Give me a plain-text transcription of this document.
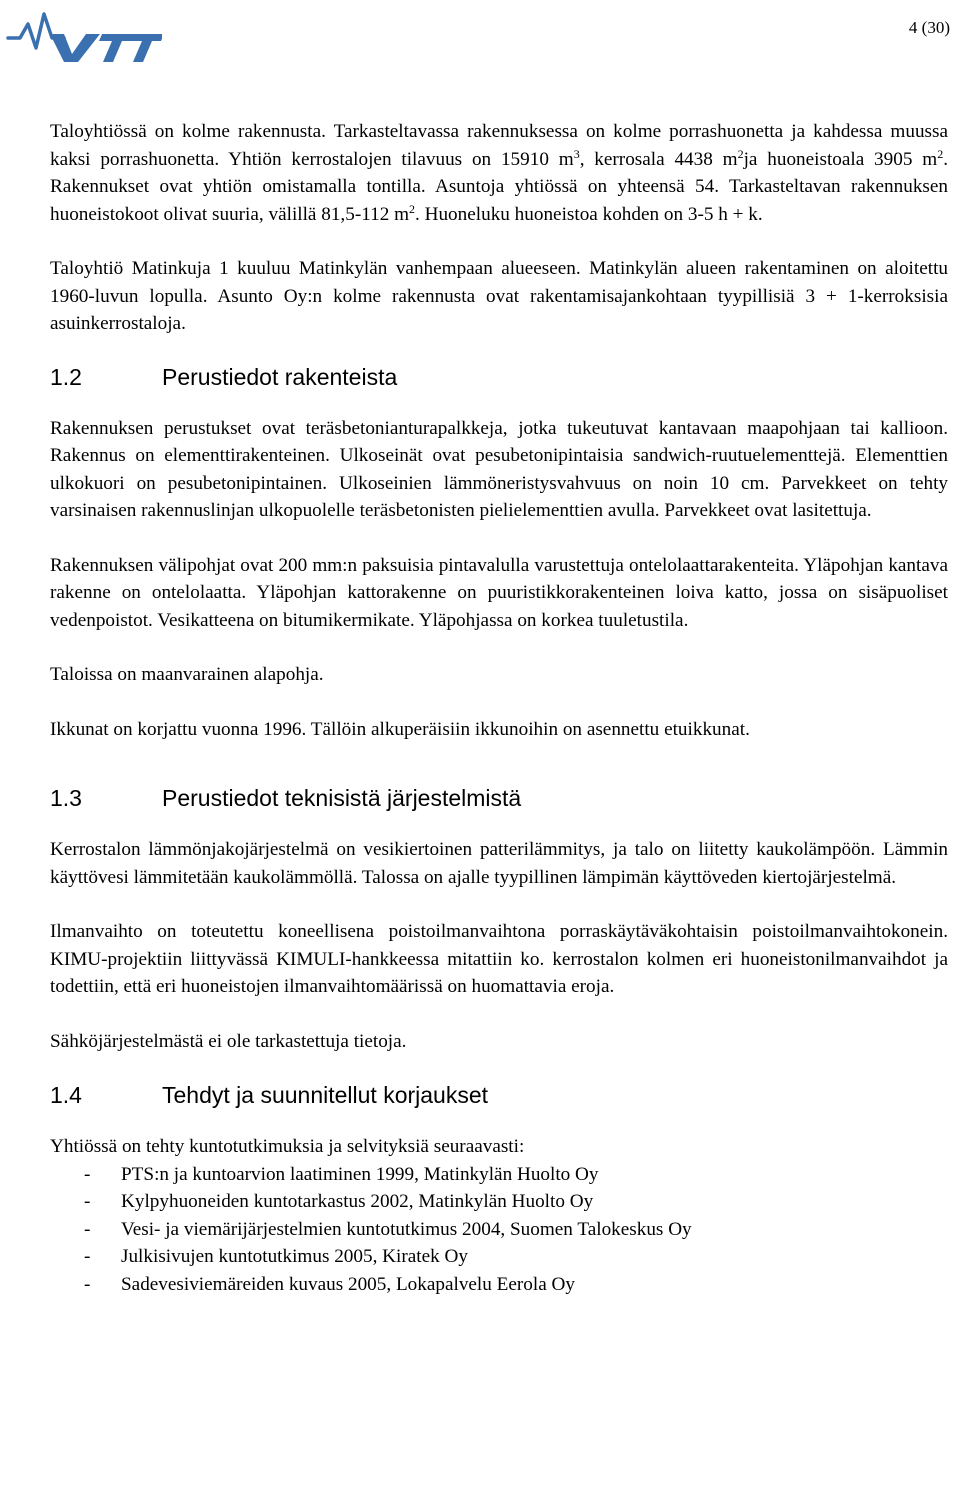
VTT
4 (30)

Taloyhtiössä on kolme rakennusta. Tarkasteltavassa rakennuksessa on kolme porrashuonetta ja kahdessa muussa kaksi porrashuonetta. Yhtiön kerrostalojen tilavuus on 15910 $m^3$, kerrosala 4438 $m^2ja$ huoneistoala 3905 $m^2$. Rakennukset ovat yhtiön omistamalla tontilla. Asuntoja yhtiössä on yhteensä 54. Tarkasteltavan rakennuksen huoneistokoot olivat suuria, välillä 81,5-112 $m^2$. Huoneluku huoneistoa kohden on 3-5 h + k.

Taloyhtiö Matinkuja 1 kuuluu Matinkylän vanhempaan alueeseen. Matinkylän alueen rakentaminen on aloitettu 1960-luvun lopulla. Asunto Oy:n kolme rakennusta ovat rakentamisajankohtaan tyypillisiä 3 + 1-kerroksisia asuinkerrostaloja.

1.2	Perustiedot rakenteista

Rakennuksen perustukset ovat teräsbetonianturapalkkeja, jotka tukeutuvat kantavaan maapohjaan tai kallioon. Rakennus on elementtirakenteinen. Ulkoseinät ovat pesubetonipintaisia sandwich-ruutuelementtejä. Elementtien ulkokuori on pesubetonipintainen. Ulkoseinien lämmöneristysvahvuus on noin 10 cm. Parvekkeet on tehty varsinaisen rakennuslinjan ulkopuolelle teräsbetonisten pielielementtien avulla. Parvekkeet ovat lasitettuja.

Rakennuksen välipohjat ovat 200 mm:n paksuisia pintavalulla varustettuja ontelolaattarakenteita. Yläpohjan kantava rakenne on ontelolaatta. Yläpohjan kattorakenne on puuristikkorakenteinen loiva katto, jossa on sisäpuoliset vedenpoistot. Vesikatteena on bitumikermikate. Yläpohjassa on korkea tuuletustila.

Taloissa on maanvarainen alapohja.

Ikkunat on korjattu vuonna 1996. Tällöin alkuperäisiin ikkunoihin on asennettu etuikkunat.

1.3	Perustiedot teknisistä järjestelmistä

Kerrostalon lämmönjakojärjestelmä on vesikiertoinen patterilämmitys, ja talo on liitetty kaukolämpöön. Lämmin käyttövesi lämmitetään kaukolämmöllä. Talossa on ajalle tyypillinen lämpimän käyttöveden kiertojärjestelmä.

Ilmanvaihto on toteutettu koneellisena poistoilmanvaihtona porraskäytäväkohtaisin poistoilmanvaihtokonein. KIMU-projektiin liittyvässä KIMULI-hankkeessa mitattiin ko. kerrostalon kolmen eri huoneistonilmanvaihdot ja todettiin, että eri huoneistojen ilmanvaihtomäärissä on huomattavia eroja.

Sähköjärjestelmästä ei ole tarkastettuja tietoja.

1.4	Tehdyt ja suunnitellut korjaukset

Yhtiössä on tehty kuntotutkimuksia ja selvityksiä seuraavasti:

- PTS:n ja kuntoarvion laatiminen 1999, Matinkylän Huolto Oy
- Kylpyhuoneiden kuntotarkastus 2002, Matinkylän Huolto Oy
- Vesi- ja viemärijärjestelmien kuntotutkimus 2004, Suomen Talokeskus Oy
- Julkisivujen kuntotutkimus 2005, Kiratek Oy
- Sadevesiviemäreiden kuvaus 2005, Lokapalvelu Eerola Oy
